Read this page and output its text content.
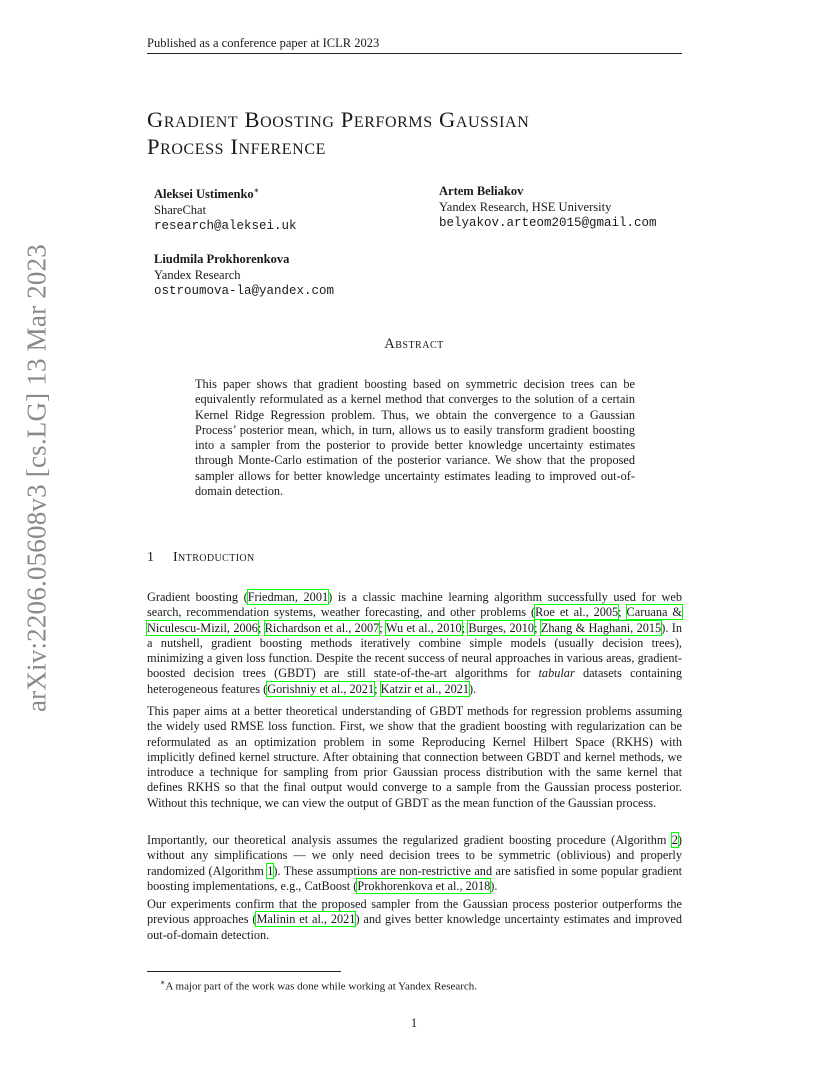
Published as a conference paper at ICLR 2023
arXiv:2206.05608v3 [cs.LG] 13 Mar 2023
Gradient Boosting Performs Gaussian
Process Inference
Aleksei Ustimenko∗
ShareChat
research@aleksei.uk
Artem Beliakov
Yandex Research, HSE University
belyakov.arteom2015@gmail.com
Liudmila Prokhorenkova
Yandex Research
ostroumova-la@yandex.com
Abstract
This paper shows that gradient boosting based on symmetric decision trees can be equivalently reformulated as a kernel method that converges to the solution of a certain Kernel Ridge Regression problem. Thus, we obtain the convergence to a Gaussian Process’ posterior mean, which, in turn, allows us to easily transform gradient boosting into a sampler from the posterior to provide better knowledge uncertainty estimates through Monte-Carlo estimation of the posterior variance. We show that the proposed sampler allows for better knowledge uncertainty estimates leading to improved out-of-domain detection.
1 Introduction
Gradient boosting (Friedman, 2001) is a classic machine learning algorithm successfully used for web search, recommendation systems, weather forecasting, and other problems (Roe et al., 2005; Caruana & Niculescu-Mizil, 2006; Richardson et al., 2007; Wu et al., 2010; Burges, 2010; Zhang & Haghani, 2015). In a nutshell, gradient boosting methods iteratively combine simple models (usually decision trees), minimizing a given loss function. Despite the recent success of neural approaches in various areas, gradient-boosted decision trees (GBDT) are still state-of-the-art algorithms for tabular datasets containing heterogeneous features (Gorishniy et al., 2021; Katzir et al., 2021).
This paper aims at a better theoretical understanding of GBDT methods for regression problems assuming the widely used RMSE loss function. First, we show that the gradient boosting with regularization can be reformulated as an optimization problem in some Reproducing Kernel Hilbert Space (RKHS) with implicitly defined kernel structure. After obtaining that connection between GBDT and kernel methods, we introduce a technique for sampling from prior Gaussian process distribution with the same kernel that defines RKHS so that the final output would converge to a sample from the Gaussian process posterior. Without this technique, we can view the output of GBDT as the mean function of the Gaussian process.
Importantly, our theoretical analysis assumes the regularized gradient boosting procedure (Algorithm 2) without any simplifications — we only need decision trees to be symmetric (oblivious) and properly randomized (Algorithm 1). These assumptions are non-restrictive and are satisfied in some popular gradient boosting implementations, e.g., CatBoost (Prokhorenkova et al., 2018).
Our experiments confirm that the proposed sampler from the Gaussian process posterior outperforms the previous approaches (Malinin et al., 2021) and gives better knowledge uncertainty estimates and improved out-of-domain detection.
∗A major part of the work was done while working at Yandex Research.
1
